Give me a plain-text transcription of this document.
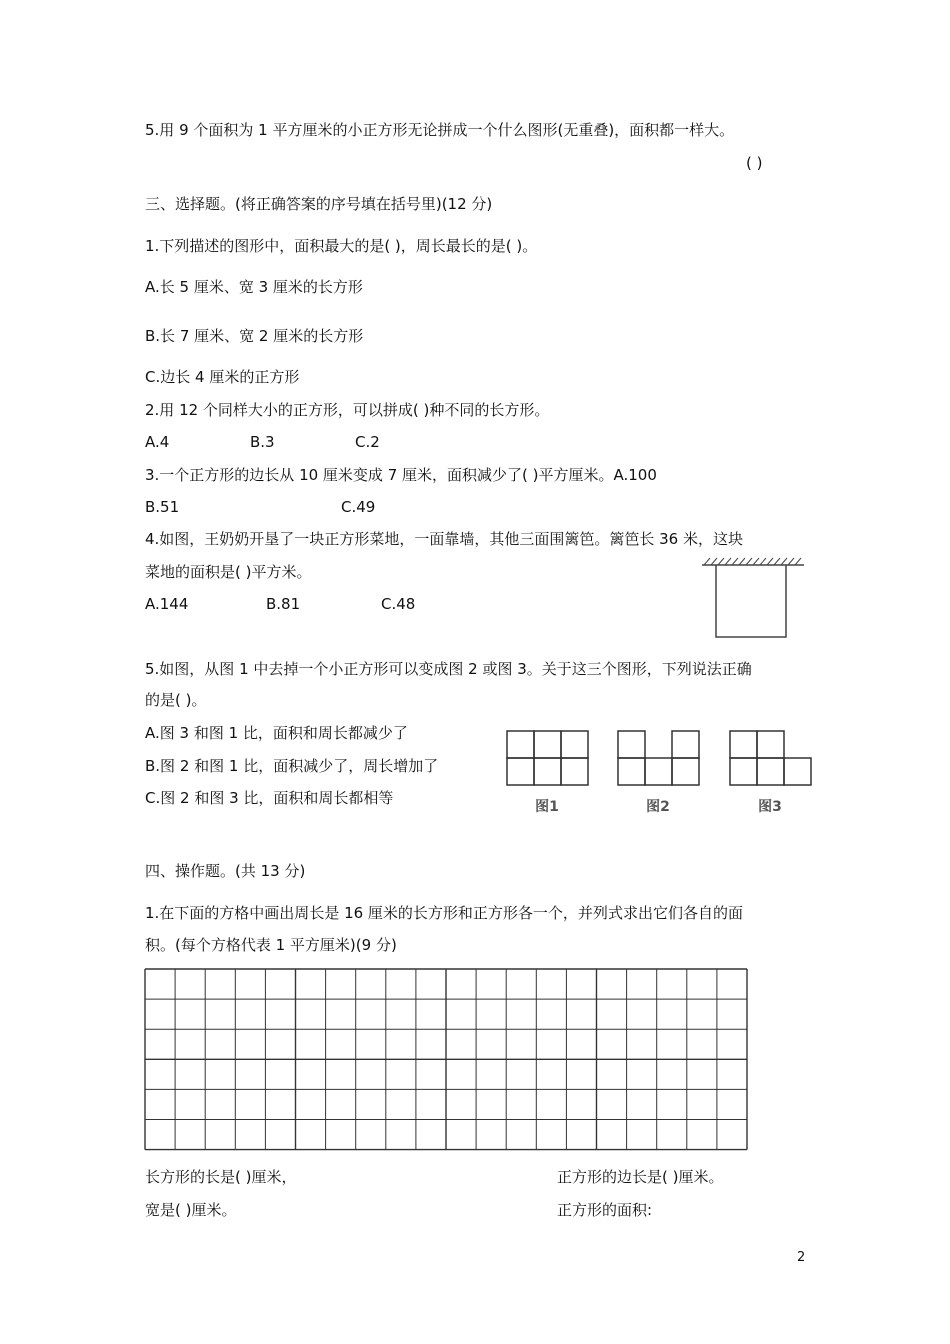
5.用 9 个面积为 1 平方厘米的小正方形无论拼成一个什么图形(无重叠)，面积都一样大。
( )
三、选择题。(将正确答案的序号填在括号里)(12 分)
1.下列描述的图形中，面积最大的是( )，周长最长的是( )。
A.长 5 厘米、宽 3 厘米的长方形
B.长 7 厘米、宽 2 厘米的长方形
C.边长 4 厘米的正方形
2.用 12 个同样大小的正方形，可以拼成( )种不同的长方形。
A.4	B.3	C.2
3.一个正方形的边长从 10 厘米变成 7 厘米，面积减少了( )平方厘米。A.100
B.51	C.49
4.如图，王奶奶开垦了一块正方形菜地，一面靠墙，其他三面围篱笆。篱笆长 36 米，这块
菜地的面积是( )平方米。
A.144	B.81	C.48
5.如图，从图 1 中去掉一个小正方形可以变成图 2 或图 3。关于这三个图形，下列说法正确
的是( )。
A.图 3 和图 1 比，面积和周长都减少了
B.图 2 和图 1 比，面积减少了，周长增加了
C.图 2 和图 3 比，面积和周长都相等	图1	图2	图3
四、操作题。(共 13 分)
1.在下面的方格中画出周长是 16 厘米的长方形和正方形各一个，并列式求出它们各自的面
积。(每个方格代表 1 平方厘米)(9 分)
长方形的长是( )厘米，
宽是( )厘米。
正方形的边长是( )厘米。
正方形的面积:
2
